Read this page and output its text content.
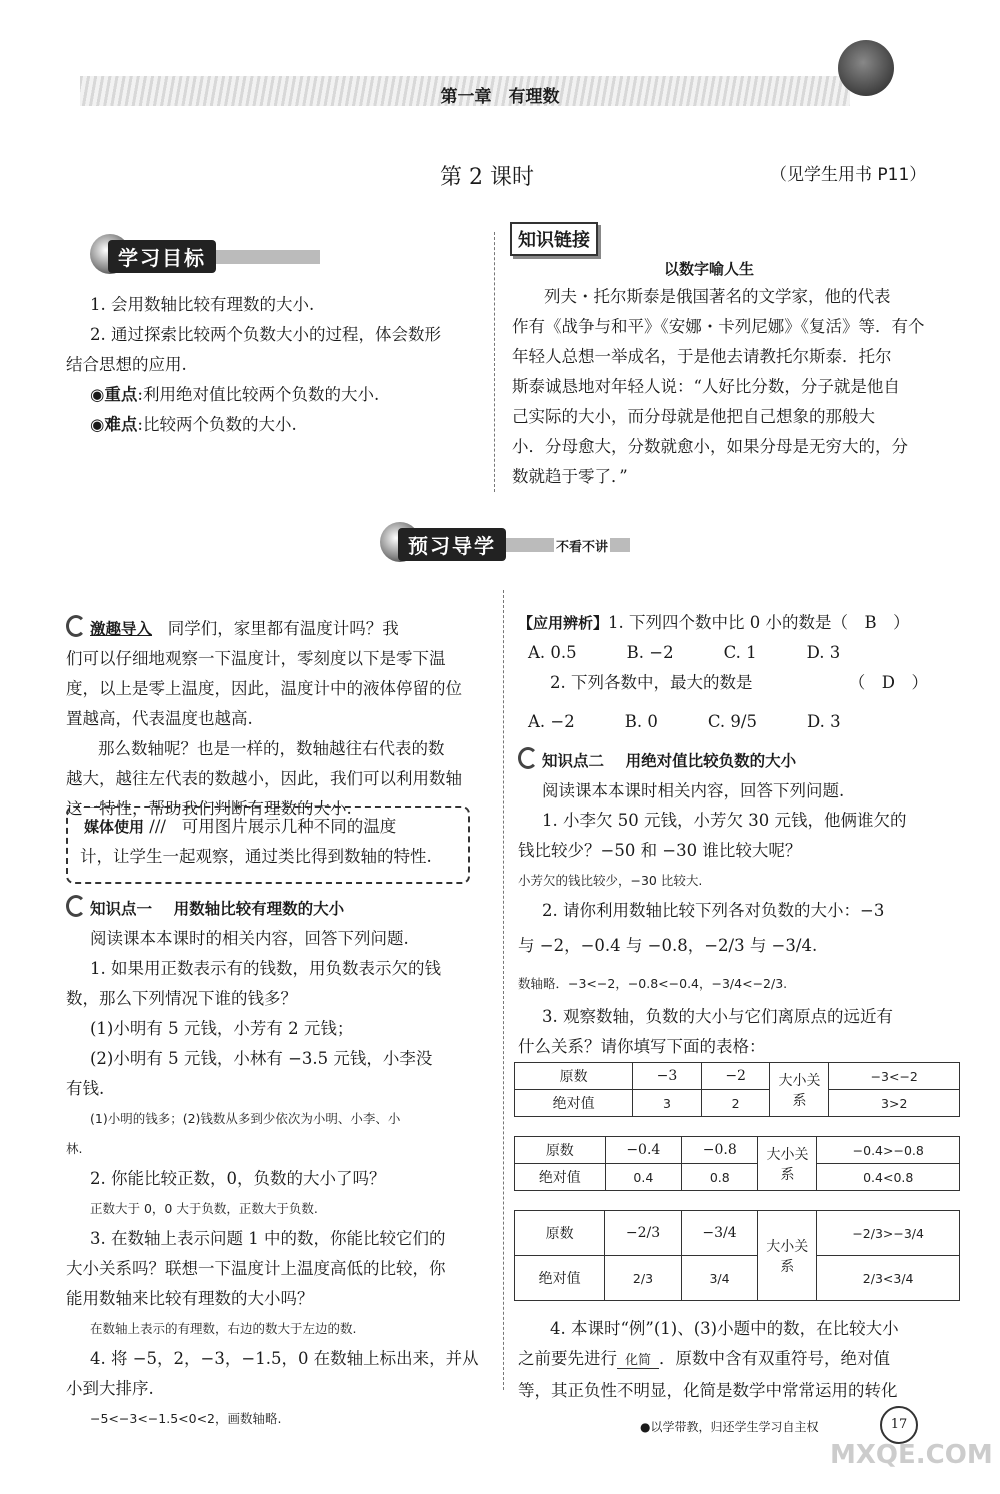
第一章　有理数
第 2 课时	（见学生用书 P11）
学习目标
1. 会用数轴比较有理数的大小.
2. 通过探索比较两个负数大小的过程，体会数形
结合思想的应用.
◉重点:利用绝对值比较两个负数的大小.
◉难点:比较两个负数的大小.
知识链接
以数字喻人生
列夫・托尔斯泰是俄国著名的文学家，他的代表
作有《战争与和平》《安娜・卡列尼娜》《复活》等．有个
年轻人总想一举成名，于是他去请教托尔斯泰．托尔
斯泰诚恳地对年轻人说：“人好比分数，分子就是他自
己实际的大小，而分母就是他把自己想象的那般大
小．分母愈大，分数就愈小，如果分母是无穷大的，分
数就趋于零了．”
预习导学	不看不讲
激趣导入 同学们，家里都有温度计吗？我
们可以仔细地观察一下温度计，零刻度以下是零下温
度，以上是零上温度，因此，温度计中的液体停留的位
置越高，代表温度也越高.
那么数轴呢？也是一样的，数轴越往右代表的数
越大，越往左代表的数越小，因此，我们可以利用数轴
这一特性，帮助我们判断有理数的大小.
媒体使用 ///   可用图片展示几种不同的温度
计，让学生一起观察，通过类比得到数轴的特性.
知识点一 用数轴比较有理数的大小
阅读课本本课时的相关内容，回答下列问题.
1. 如果用正数表示有的钱数，用负数表示欠的钱
数，那么下列情况下谁的钱多？
(1)小明有 5 元钱，小芳有 2 元钱；
(2)小明有 5 元钱，小林有 −3.5 元钱，小李没
有钱.
(1)小明的钱多；(2)钱数从多到少依次为小明、小李、小
林.
2. 你能比较正数，0，负数的大小了吗？
正数大于 0，0 大于负数，正数大于负数.
3. 在数轴上表示问题 1 中的数，你能比较它们的
大小关系吗？联想一下温度计上温度高低的比较，你
能用数轴来比较有理数的大小吗？
在数轴上表示的有理数，右边的数大于左边的数.
4. 将 −5，2，−3，−1.5，0 在数轴上标出来，并从
小到大排序.
−5<−3<−1.5<0<2，画数轴略.
【应用辨析】1. 下列四个数中比 0 小的数是（　B　）
A. 0.5	B. −2	C. 1	D. 3
2. 下列各数中，最大的数是	（　D　）
A. −2	B. 0	C. 9/5	D. 3
知识点二 用绝对值比较负数的大小
阅读课本本课时相关内容，回答下列问题.
1. 小李欠 50 元钱，小芳欠 30 元钱，他俩谁欠的
钱比较少？−50 和 −30 谁比较大呢？
小芳欠的钱比较少，−30 比较大.
2. 请你利用数轴比较下列各对负数的大小：−3
与 −2，−0.4 与 −0.8，−2/3 与 −3/4.
数轴略．−3<−2，−0.8<−0.4，−3/4<−2/3.
3. 观察数轴，负数的大小与它们离原点的远近有
什么关系？请你填写下面的表格：
原数	−3	−2	大小关系	−3<−2
绝对值	3	2		3>2
原数	−0.4	−0.8	大小关系	−0.4>−0.8
绝对值	0.4	0.8		0.4<0.8
原数	−2/3	−3/4	大小关系	−2/3>−3/4
绝对值	2/3	3/4		2/3<3/4
4. 本课时“例”(1)、(3)小题中的数，在比较大小
之前要先进行 化简 ．原数中含有双重符号，绝对值
等，其正负性不明显，化简是数学中常常运用的转化
●以学带教，归还学生学习自主权	17
MXQE.COM
